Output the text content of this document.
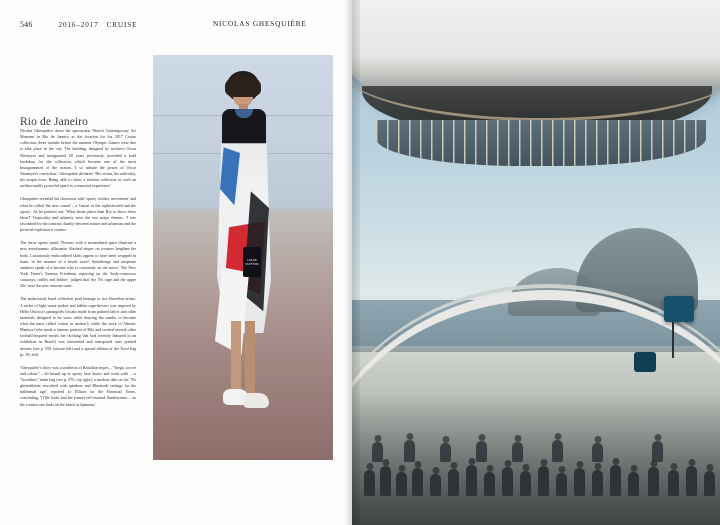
546	2016–2017 CRUISE	NICOLAS GHESQUIÈRE
Rio de Janeiro

Nicolas Ghesquière chose the spectacular Niterói Contemporary Art Museum in Rio de Janeiro as the location for his 2017 Cruise collection, three months before the summer Olympic Games were due to take place in the city. The building, designed by architect Oscar Niemeyer and inaugurated 20 years previously, provided a bold backdrop for the collection, which became one of the most Instagrammed of the season. 'I so admire the power of Oscar Niemeyer's conviction,' Ghesquière declared. 'His vision, his radicality, his utopia even. Being able to show a fashion collection in such an architecturally powerful space is a sensorial experience.'

Ghesquière revealed his obsession with 'sporty clothes, movement' and what he called 'the new casual' – a 'fusion of the sophisticated and the sporty'. As he pointed out: 'What better place than Rio to show these ideas?' Tropicality and urbanity were the two major themes. 'I was fascinated by the contrast: duality between nature and urbanism and the pictorial explosion it creates.'

The show opens stand: 'Dresses with a streamlined spirit illustrate a new aerodynamic silhouette. Slashed stripes on trousers lengthen the body. Luxuriously embroidered skirts appear to have been wrapped in haste, in the manner of a beach towel. Stylethongs and neoprene sneakers speak of a heroine who is constantly on the move,' The New York Times's Vanessa Friedman, reporting on the 'body-conscious cutaways, ruffles and leather', judged that 'the 70s cage and the upper 20s' were the new sinuous sonic.

The audaciously hued collection paid homage to two Brazilian artists. A series of light-avant parkas and taffeta cape-dresses was inspired by Hélio Oiticica's parangolés (cloaks made from painted fabric and other materials designed to be worn while dancing the samba, to become what the artist called 'colour in motion'), while the work of Athenic Mantios (who made a famous portrait of Rilz and created several other football-inspired motifs her clothing that had recently featured in an exhibition in Brazil) was reinvented and transposed onto printed dresses (see p. 558, bottom left) and a special edition of the Twist bag (p. 59, left).

'Ghesquière's show was a synthesis of Brazilian tropes – "brega, soccer and colour" – all bound up in sporty luxe layers and worn with ... a "boombox" trunk bag (see p. 570, top right), a modern take on the '70s ghettoblaster reworked with speakers and Bluetooth settings for the millennial age,' reported Jo Ellison for the Financial Times, concluding, '[T]he looks had the (same) self-assured flamboyance ... as the women one finds on the beach at Ipanema.'

LOUIS VUITTON
